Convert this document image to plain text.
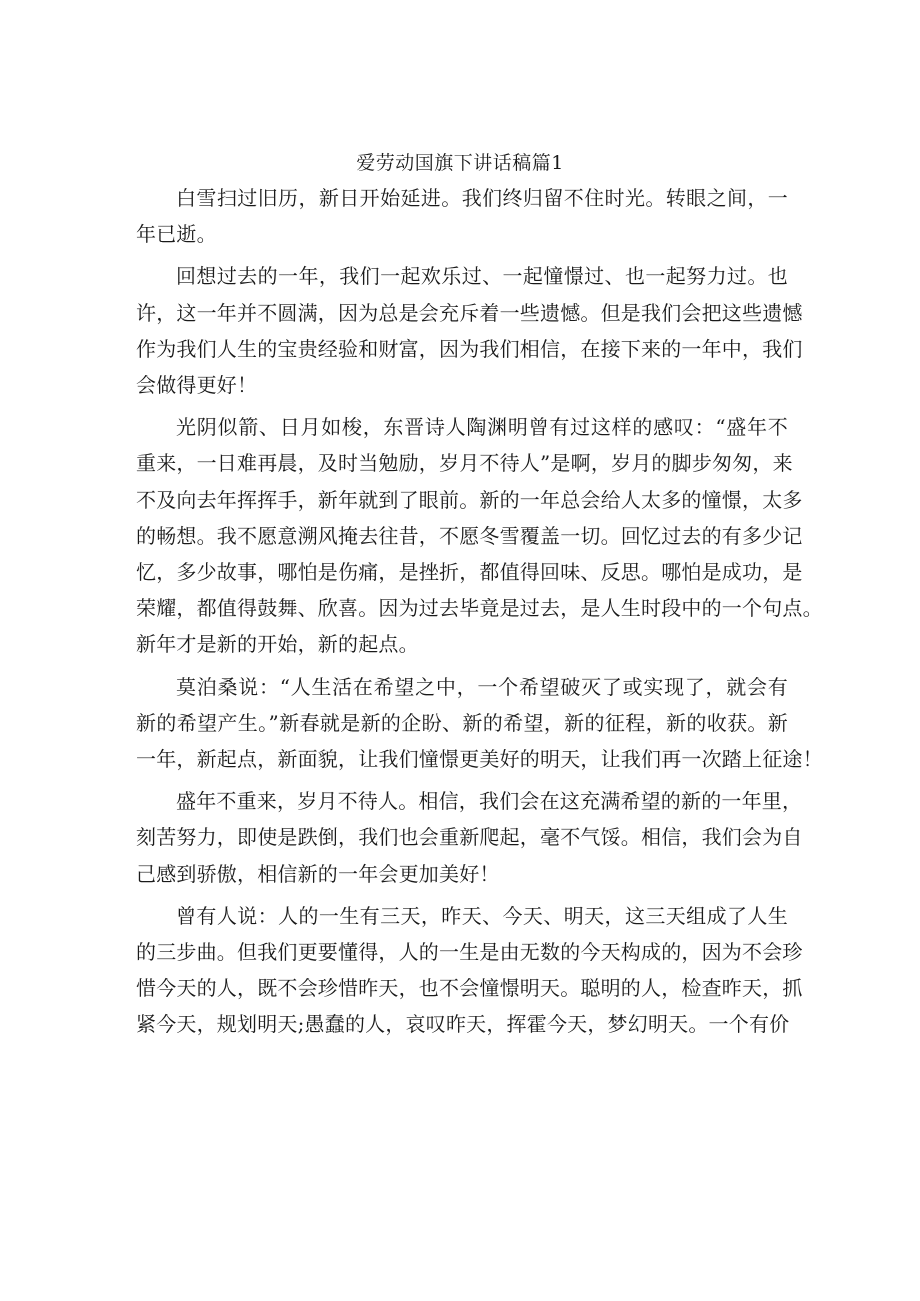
爱劳动国旗下讲话稿篇1
白雪扫过旧历，新日开始延进。我们终归留不住时光。转眼之间，一
年已逝。
回想过去的一年，我们一起欢乐过、一起憧憬过、也一起努力过。也
许，这一年并不圆满，因为总是会充斥着一些遗憾。但是我们会把这些遗憾
作为我们人生的宝贵经验和财富，因为我们相信，在接下来的一年中，我们
会做得更好！
光阴似箭、日月如梭，东晋诗人陶渊明曾有过这样的感叹：“盛年不
重来，一日难再晨，及时当勉励，岁月不待人”是啊，岁月的脚步匆匆，来
不及向去年挥挥手，新年就到了眼前。新的一年总会给人太多的憧憬，太多
的畅想。我不愿意溯风掩去往昔，不愿冬雪覆盖一切。回忆过去的有多少记
忆，多少故事，哪怕是伤痛，是挫折，都值得回味、反思。哪怕是成功，是
荣耀，都值得鼓舞、欣喜。因为过去毕竟是过去，是人生时段中的一个句点。
新年才是新的开始，新的起点。
莫泊桑说：“人生活在希望之中，一个希望破灭了或实现了，就会有
新的希望产生。”新春就是新的企盼、新的希望，新的征程，新的收获。新
一年，新起点，新面貌，让我们憧憬更美好的明天，让我们再一次踏上征途！
盛年不重来，岁月不待人。相信，我们会在这充满希望的新的一年里，
刻苦努力，即使是跌倒，我们也会重新爬起，毫不气馁。相信，我们会为自
己感到骄傲，相信新的一年会更加美好！
曾有人说：人的一生有三天，昨天、今天、明天，这三天组成了人生
的三步曲。但我们更要懂得，人的一生是由无数的今天构成的，因为不会珍
惜今天的人，既不会珍惜昨天，也不会憧憬明天。聪明的人，检查昨天，抓
紧今天，规划明天;愚蠢的人，哀叹昨天，挥霍今天，梦幻明天。一个有价
